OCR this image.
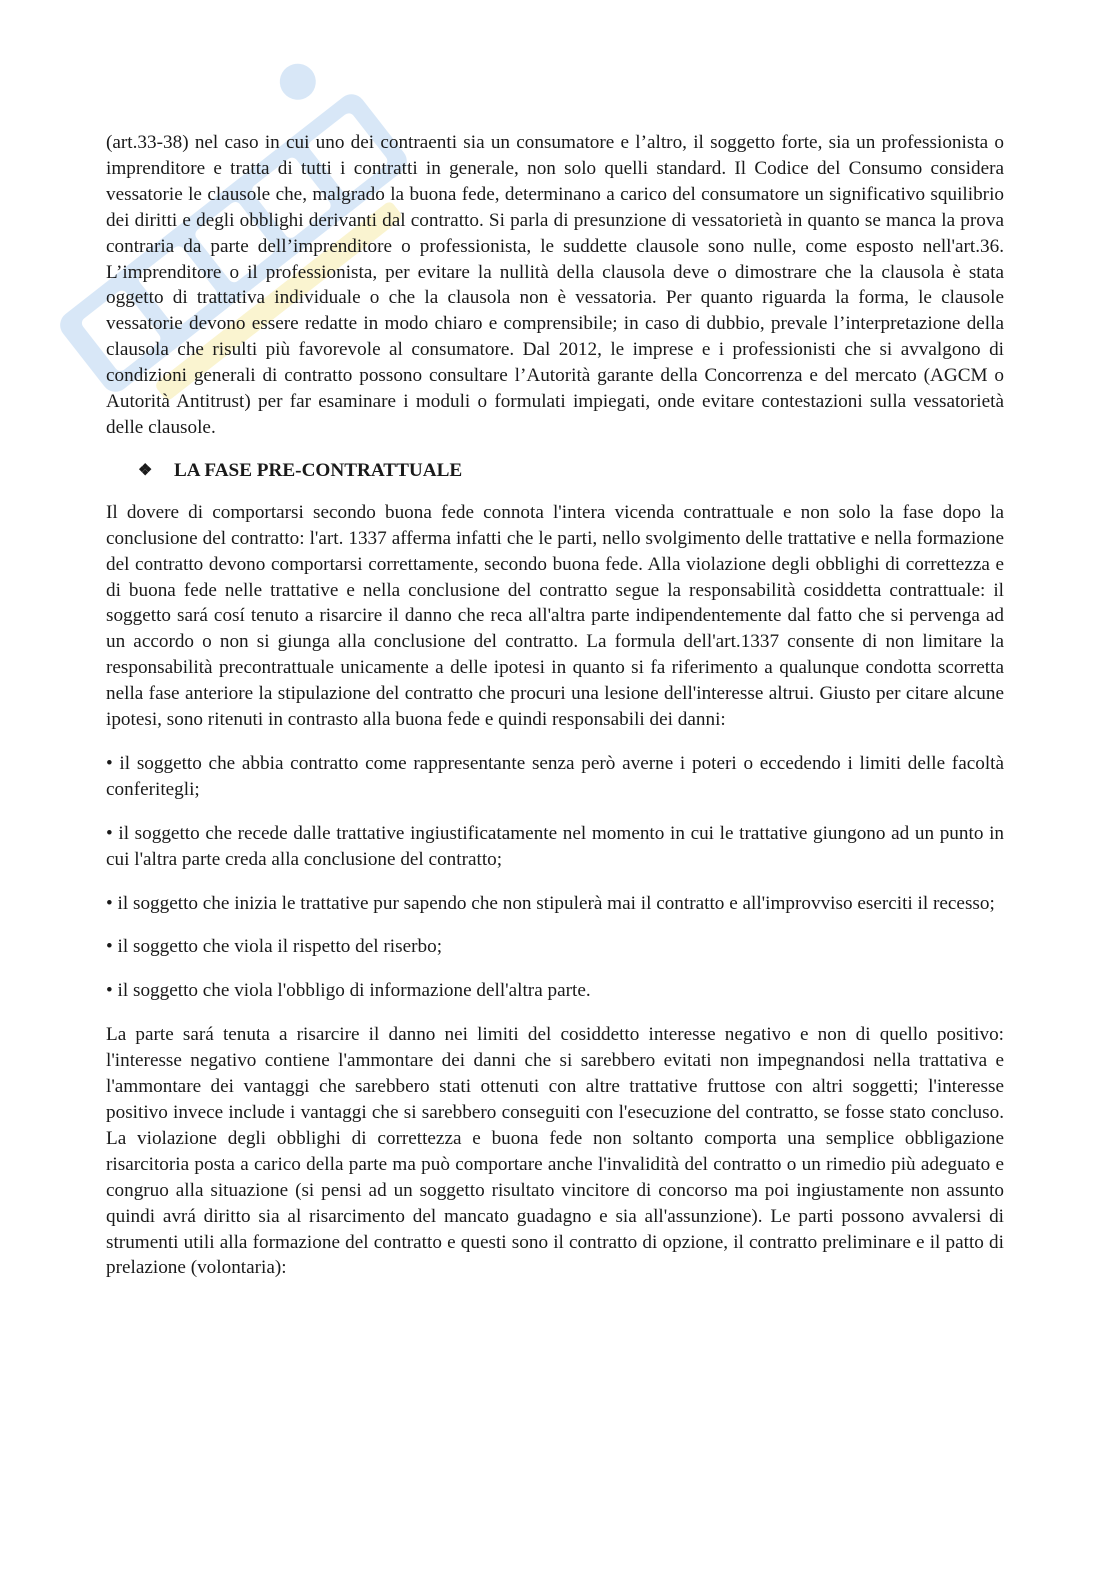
(art.33-38) nel caso in cui uno dei contraenti sia un consumatore e l’altro, il soggetto forte, sia un professionista o imprenditore e tratta di tutti i contratti in generale, non solo quelli standard. Il Codice del Consumo considera vessatorie le clausole che, malgrado la buona fede, determinano a carico del consumatore un significativo squilibrio dei diritti e degli obblighi derivanti dal contratto. Si parla di presunzione di vessatorietà in quanto se manca la prova contraria da parte dell’imprenditore o professionista, le suddette clausole sono nulle, come esposto nell'art.36. L’imprenditore o il professionista, per evitare la nullità della clausola deve o dimostrare che la clausola è stata oggetto di trattativa individuale o che la clausola non è vessatoria. Per quanto riguarda la forma, le clausole vessatorie devono essere redatte in modo chiaro e comprensibile; in caso di dubbio, prevale l’interpretazione della clausola che risulti più favorevole al consumatore. Dal 2012, le imprese e i professionisti che si avvalgono di condizioni generali di contratto possono consultare l’Autorità garante della Concorrenza e del mercato (AGCM o Autorità Antitrust) per far esaminare i moduli o formulati impiegati, onde evitare contestazioni sulla vessatorietà delle clausole.

❖	LA FASE PRE-CONTRATTUALE

Il dovere di comportarsi secondo buona fede connota l'intera vicenda contrattuale e non solo la fase dopo la conclusione del contratto: l'art. 1337 afferma infatti che le parti, nello svolgimento delle trattative e nella formazione del contratto devono comportarsi correttamente, secondo buona fede. Alla violazione degli obblighi di correttezza e di buona fede nelle trattative e nella conclusione del contratto segue la responsabilità cosiddetta contrattuale: il soggetto sará cosí tenuto a risarcire il danno che reca all'altra parte indipendentemente dal fatto che si pervenga ad un accordo o non si giunga alla conclusione del contratto. La formula dell'art.1337 consente di non limitare la responsabilità precontrattuale unicamente a delle ipotesi in quanto si fa riferimento a qualunque condotta scorretta nella fase anteriore la stipulazione del contratto che procuri una lesione dell'interesse altrui. Giusto per citare alcune ipotesi, sono ritenuti in contrasto alla buona fede e quindi responsabili dei danni:

• il soggetto che abbia contratto come rappresentante senza però averne i poteri o eccedendo i limiti delle facoltà conferitegli;

• il soggetto che recede dalle trattative ingiustificatamente nel momento in cui le trattative giungono ad un punto in cui l'altra parte creda alla conclusione del contratto;

• il soggetto che inizia le trattative pur sapendo che non stipulerà mai il contratto e all'improvviso eserciti il recesso;

• il soggetto che viola il rispetto del riserbo;

• il soggetto che viola l'obbligo di informazione dell'altra parte.

La parte sará tenuta a risarcire il danno nei limiti del cosiddetto interesse negativo e non di quello positivo: l'interesse negativo contiene l'ammontare dei danni che si sarebbero evitati non impegnandosi nella trattativa e l'ammontare dei vantaggi che sarebbero stati ottenuti con altre trattative fruttose con altri soggetti; l'interesse positivo invece include i vantaggi che si sarebbero conseguiti con l'esecuzione del contratto, se fosse stato concluso. La violazione degli obblighi di correttezza e buona fede non soltanto comporta una semplice obbligazione risarcitoria posta a carico della parte ma può comportare anche l'invalidità del contratto o un rimedio più adeguato e congruo alla situazione (si pensi ad un soggetto risultato vincitore di concorso ma poi ingiustamente non assunto quindi avrá diritto sia al risarcimento del mancato guadagno e sia all'assunzione). Le parti possono avvalersi di strumenti utili alla formazione del contratto e questi sono il contratto di opzione, il contratto preliminare e il patto di prelazione (volontaria):
